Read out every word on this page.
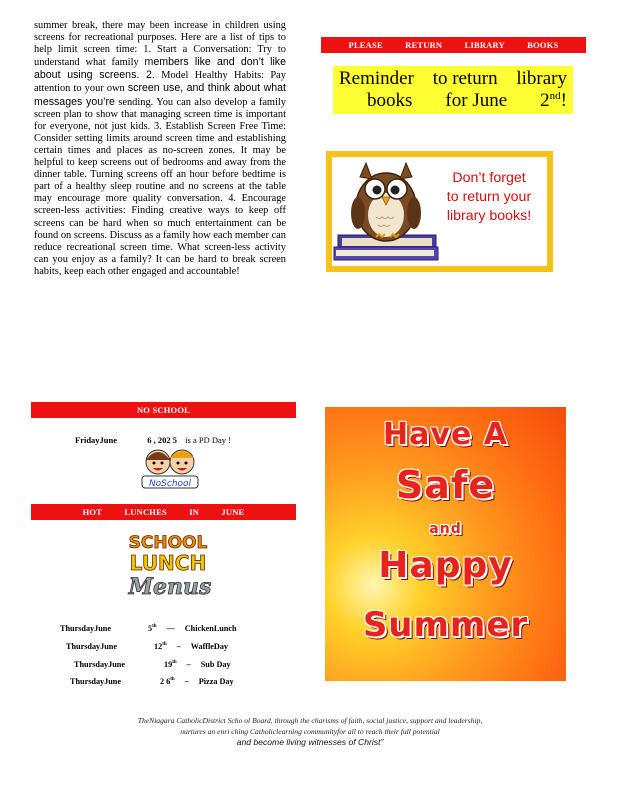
summer break, there may been increase in children using screens for recreational purposes. Here are a list of tips to help limit screen time: 1. Start a Conversation: Try to understand what family members like and don’t like about using screens. 2. Model Healthy Habits: Pay attention to your own screen use, and think about what messages you’re sending. You can also develop a family screen plan to show that managing screen time is important for everyone, not just kids. 3. Establish Screen Free Time: Consider setting limits around screen time and establishing certain times and places as no-screen zones. It may be helpful to keep screens out of bedrooms and away from the dinner table. Turning screens off an hour before bedtime is part of a healthy sleep routine and no screens at the table may encourage more quality conversation. 4. Encourage screen-less activities: Finding creative ways to keep off screens can be hard when so much entertainment can be found on screens. Discuss as a family how each member can reduce recreational screen time. What screen-less activity can you enjoy as a family? It can be hard to break screen habits, keep each other engaged and accountable!
PLEASE	RETURN	LIBRARY	BOOKS
Reminder to return library
books for June 2nd!
Don’t forget
to return your
library books!
NO SCHOOL
FridayJune	6 , 202 5 is a PD Day !
NoSchool
HOT	LUNCHES	IN	JUNE
SCHOOL
LUNCH
Menus
ThursdayJune	5th — ChickenLunch
ThursdayJune	12th – WaffleDay
ThursdayJune	19th – Sub Day
ThursdayJune	2 6th – Pizza Day
Have A
Safe
and
Happy
Summer
TheNiagara CatholicDistrict Scho ol Board, through the charisms of faith, social justice, support and leadership,
nurtures an enri ching Catholiclearning communityfor all to reach their full potential
and become living witnesses of Christ”
